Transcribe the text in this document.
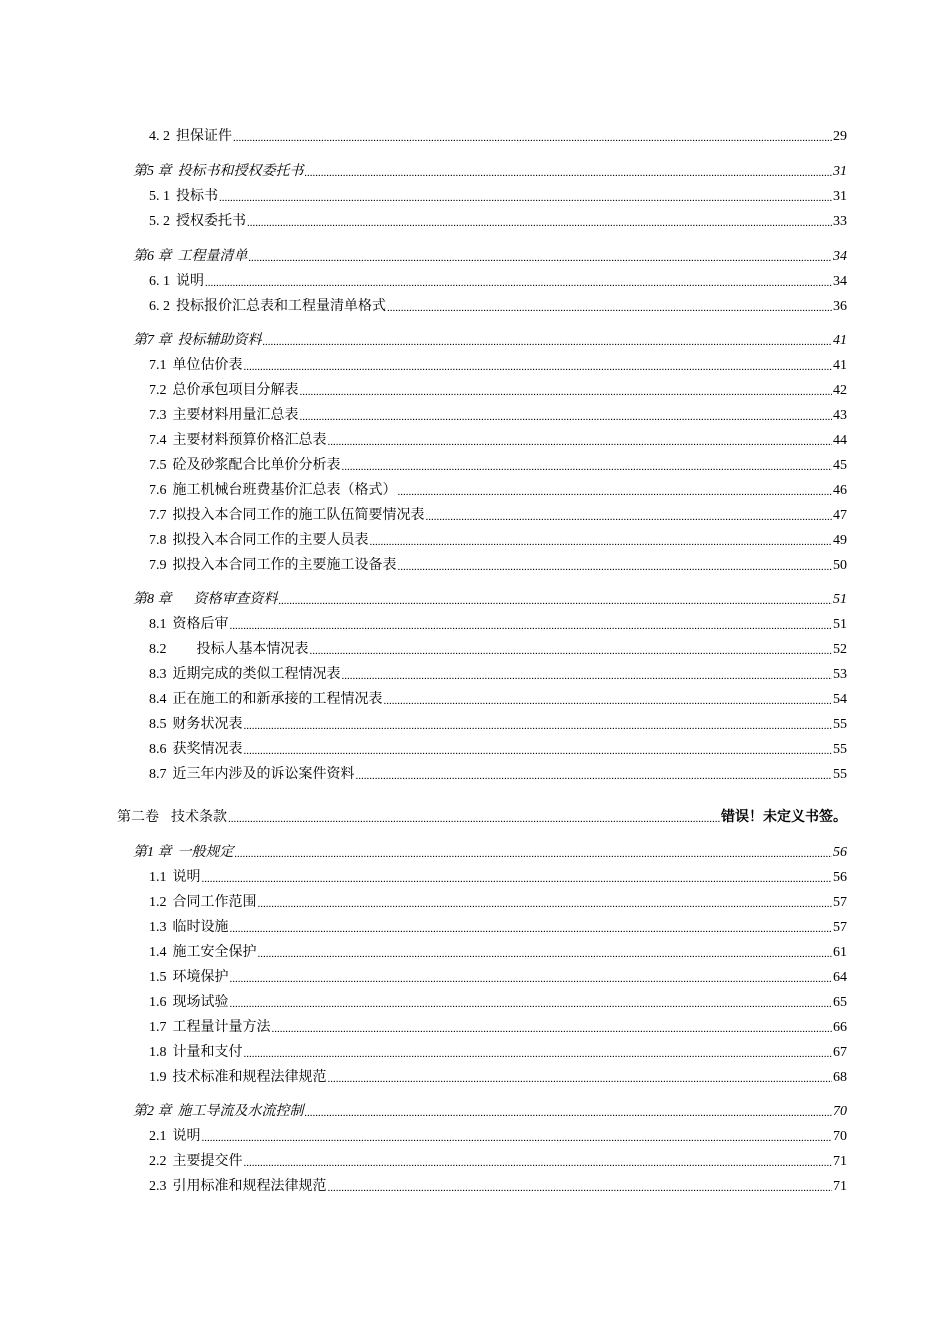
4. 2 担保证件 .....	29
第5 章 投标书和授权委托书 .....	31
5. 1 投标书 .....	31
5. 2 授权委托书 .....	33
第6 章 工程量清单 .....	34
6. 1 说明 .....	34
6. 2 投标报价汇总表和工程量清单格式 .....	36
第7 章 投标辅助资料 .....	41
7.1 单位估价表 .....	41
7.2 总价承包项目分解表 .....	42
7.3 主要材料用量汇总表 .....	43
7.4 主要材料预算价格汇总表 .....	44
7.5 砼及砂浆配合比单价分析表 .....	45
7.6 施工机械台班费基价汇总表（格式） .....	46
7.7 拟投入本合同工作的施工队伍简要情况表 .....	47
7.8 拟投入本合同工作的主要人员表 .....	49
7.9 拟投入本合同工作的主要施工设备表 .....	50
第8 章 资格审查资料 .....	51
8.1 资格后审 .....	51
8.2 投标人基本情况表 .....	52
8.3 近期完成的类似工程情况表 .....	53
8.4 正在施工的和新承接的工程情况表 .....	54
8.5 财务状况表 .....	55
8.6 获奖情况表 .....	55
8.7 近三年内涉及的诉讼案件资料 .....	55
第二卷 技术条款 .....	错误！未定义书签。
第1 章 一般规定 .....	56
1.1 说明 .....	56
1.2 合同工作范围 .....	57
1.3 临时设施 .....	57
1.4 施工安全保护 .....	61
1.5 环境保护 .....	64
1.6 现场试验 .....	65
1.7 工程量计量方法 .....	66
1.8 计量和支付 .....	67
1.9 技术标准和规程法律规范 .....	68
第2 章 施工导流及水流控制 .....	70
2.1 说明 .....	70
2.2 主要提交件 .....	71
2.3 引用标准和规程法律规范 .....	71
